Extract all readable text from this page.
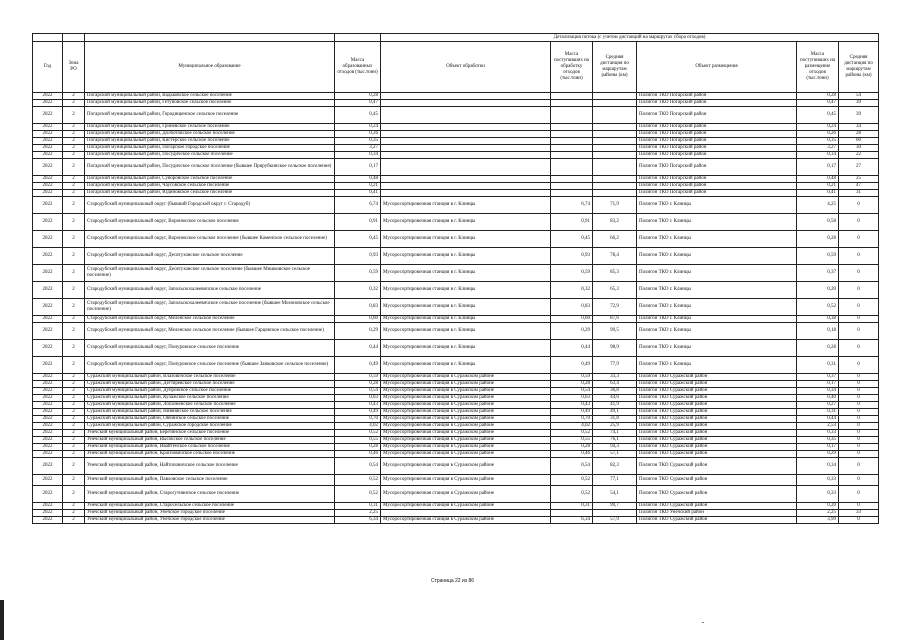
				Детализация потока (с учетом дистанций на маршрутах сбора отходов)					
Год	Зона РО	Муниципальное образование	Масса образованных отходов (тыс.тонн)	Объект обработки	Масса поступивших на обработку отходов (тыс.тонн)	Средняя дистанция по маршрутам районы (км)	Объект размещения	Масса поступивших на размещение отходов (тыс.тонн)	Средняя дистанция по маршрутам районы (км)
2022	2	Погарский муниципальный район, Вадьковское сельское поселение	0,28				Полигон ТКО Погарский район	0,28	54
2022	2	Погарский муниципальный район, Гетуновское сельское поселение	0,47				Полигон ТКО Погарский район	0,47	39
2022	2	Погарский муниципальный район, Городищенское сельское поселение	0,45				Полигон ТКО Погарский район	0,45	39
2022	2	Погарский муниципальный район, Гриневское сельское поселение	0,24				Полигон ТКО Погарский район	0,24	34
2022	2	Погарский муниципальный район, Долботовское сельское поселение	0,26				Полигон ТКО Погарский район	0,26	28
2022	2	Погарский муниципальный район, Кистерское сельское поселение	0,35				Полигон ТКО Погарский район	0,35	60
2022	2	Погарский муниципальный район, Погарское городское поселение	3,27				Полигон ТКО Погарский район	3,27	30
2022	2	Погарский муниципальный район, Посудичское сельское поселение	0,34				Полигон ТКО Погарский район	0,34	22
2022	2	Погарский муниципальный район, Посудичское сельское поселение (бывшее Прирубкинское сельское поселение)	0,17				Полигон ТКО Погарский район	0,17	27
2022	2	Погарский муниципальный район, Суворовское сельское поселение	0,48				Полигон ТКО Погарский район	0,48	25
2022	2	Погарский муниципальный район, Чаусовское сельское поселение	0,21				Полигон ТКО Погарский район	0,21	47
2022	2	Погарский муниципальный район, Юдиновское сельское поселение	0,41				Полигон ТКО Погарский район	0,41	31
2022	2	Стародубский муниципальный округ (бывший Городской округ г. Стародуб)	6,74	Мусоросортировочная станция в г. Клинцы	6,74	71,9	Полигон ТКО г. Клинцы	4,25	0
2022	2	Стародубский муниципальный округ, Воронокское сельское поселение	0,91	Мусоросортировочная станция в г. Клинцы	0,91	83,2	Полигон ТКО г. Клинцы	0,58	0
2022	2	Стародубский муниципальный округ, Воронокское сельское поселение (бывшее Каменское сельское поселение)	0,45	Мусоросортировочная станция в г. Клинцы	0,45	66,2	Полигон ТКО г. Клинцы	0,28	0
2022	2	Стародубский муниципальный округ, Десятуховское сельское поселение	0,93	Мусоросортировочная станция в г. Клинцы	0,93	78,4	Полигон ТКО г. Клинцы	0,59	0
2022	2	Стародубский муниципальный округ, Десятуховское сельское поселение (бывшее Мишковское сельское поселение)	0,59	Мусоросортировочная станция в г. Клинцы	0,59	85,3	Полигон ТКО г. Клинцы	0,37	0
2022	2	Стародубский муниципальный округ, Запольскохалеевичское сельское поселение	0,32	Мусоросортировочная станция в г. Клинцы	0,32	65,3	Полигон ТКО г. Клинцы	0,20	0
2022	2	Стародубский муниципальный округ, Запольскохалеевичское сельское поселение (бывшее Мохоновское сельское поселение)	0,83	Мусоросортировочная станция в г. Клинцы	0,83	72,9	Полигон ТКО г. Клинцы	0,52	0
2022	2	Стародубский муниципальный округ, Меленское сельское поселение	0,60	Мусоросортировочная станция в г. Клинцы	0,60	87,6	Полигон ТКО г. Клинцы	0,38	0
2022	2	Стародубский муниципальный округ, Меленское сельское поселение (бывшее Гарцевское сельское поселение)	0,29	Мусоросортировочная станция в г. Клинцы	0,29	99,5	Полигон ТКО г. Клинцы	0,18	0
2022	2	Стародубский муниципальный округ, Понуровское сельское поселение	0,44	Мусоросортировочная станция в г. Клинцы	0,44	98,9	Полигон ТКО г. Клинцы	0,28	0
2022	2	Стародубский муниципальный округ, Понуровское сельское поселение (бывшее Занковское сельское поселение)	0,49	Мусоросортировочная станция в г. Клинцы	0,49	77,9	Полигон ТКО г. Клинцы	0,31	0
2022	2	Суражский муниципальный район, Влазовичское сельское поселение	0,59	Мусоросортировочная станция в Суражском районе	0,59	33,3	Полигон ТКО Суражский район	0,37	0
2022	2	Суражский муниципальный район, Дегтяревское сельское поселение	0,28	Мусоросортировочная станция в Суражском районе	0,28	63,4	Полигон ТКО Суражский район	0,17	0
2022	2	Суражский муниципальный район, Дубровское сельское поселение	0,54	Мусоросортировочная станция в Суражском районе	0,54	36,8	Полигон ТКО Суражский район	0,34	0
2022	2	Суражский муниципальный район, Кулажское сельское поселение	0,63	Мусоросортировочная станция в Суражском районе	0,63	44,6	Полигон ТКО Суражский район	0,40	0
2022	2	Суражский муниципальный район, Лопазненское сельское поселение	0,43	Мусоросортировочная станция в Суражском районе	0,43	41,9	Полигон ТКО Суражский район	0,27	0
2022	2	Суражский муниципальный район, Нивнянское сельское поселение	0,49	Мусоросортировочная станция в Суражском районе	0,49	49,1	Полигон ТКО Суражский район	0,31	0
2022	2	Суражский муниципальный район, Овчинское сельское поселение	0,70	Мусоросортировочная станция в Суражском районе	0,70	31,8	Полигон ТКО Суражский район	0,44	0
2022	2	Суражский муниципальный район, Суражское городское поселение	4,02	Мусоросортировочная станция в Суражском районе	4,02	25,9	Полигон ТКО Суражский район	2,53	0
2022	2	Унечский муниципальный район, Березинское сельское поселение	0,52	Мусоросортировочная станция в Суражском районе	0,52	74,1	Полигон ТКО Суражский район	0,33	0
2022	2	Унечский муниципальный район, Высокское сельское поселение	0,55	Мусоросортировочная станция в Суражском районе	0,55	76,1	Полигон ТКО Суражский район	0,35	0
2022	2	Унечский муниципальный район, Ивайтенское сельское поселение	0,28	Мусоросортировочная станция в Суражском районе	0,28	94,3	Полигон ТКО Суражский район	0,17	0
2022	2	Унечский муниципальный район, Красновичское сельское поселение	0,46	Мусоросортировочная станция в Суражском районе	0,46	57,1	Полигон ТКО Суражский район	0,29	0
2022	2	Унечский муниципальный район, Найтоповичское сельское поселение	0,54	Мусоросортировочная станция в Суражском районе	0,54	82,3	Полигон ТКО Суражский район	0,34	0
2022	2	Унечский муниципальный район, Павловское сельское поселение	0,52	Мусоросортировочная станция в Суражском районе	0,52	77,1	Полигон ТКО Суражский район	0,33	0
2022	2	Унечский муниципальный район, Старогутнянское сельское поселение	0,52	Мусоросортировочная станция в Суражском районе	0,52	54,1	Полигон ТКО Суражский район	0,33	0
2022	2	Унечский муниципальный район, Старосельское сельское поселение	0,31	Мусоросортировочная станция в Суражском районе	0,31	99,7	Полигон ТКО Суражский район	0,20	0
2022	2	Унечский муниципальный район, Унечское городское поселение	2,25				Полигон ТКО Унечский район	2,25	33
2022	2	Унечский муниципальный район, Унечское городское поселение	6,34	Мусоросортировочная станция в Суражском районе	6,34	57,9	Полигон ТКО Суражский район	3,99	0
Страница 22 из 86
